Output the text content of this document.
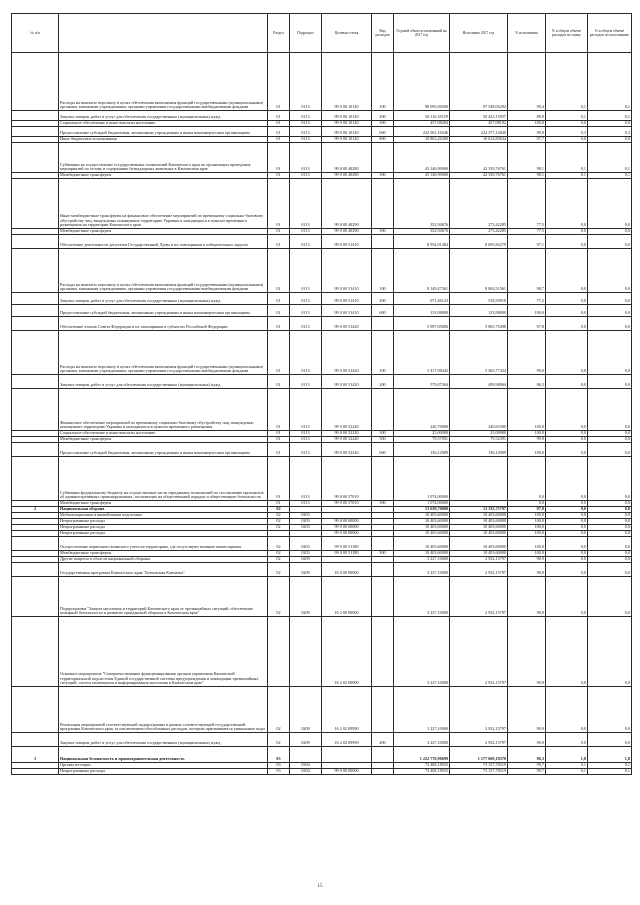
№ п/п		Раздел	Подраздел	Целевая статья	Вид расходов	Годовой объем ассигнований на 2017 год	Исполнено 2017 год	% исполнения	% в общем объеме расходов по плану	% в общем объеме расходов по исполнению
	Расходы на выплаты персоналу в целях обеспечения выполнения функций государственными (муниципальными) органами, казенными учреждениями, органами управления государственными внебюджетными фондами	01	0113	99 0 00 10140	100	98 095,06500	97 548,05292	99,4	0,1	0,1
	Закупка товаров, работ и услуг для обеспечения государственных (муниципальных) нужд	01	0113	99 0 00 10140	200	56 116,35159	50 423,15957	89,9	0,1	0,1
	Социальное обеспечение и иные выплаты населению	01	0113	99 0 00 10140	300	457,08284	457,08192	100,0	0,0	0,0
	Предоставление субсидий бюджетным, автономным учреждениям и иным некоммерческим организациям	01	0113	99 0 00 10140	600	222 561,16546	222 377,14040	99,9	0,3	0,3
	Иные бюджетные ассигнования	01	0113	99 0 00 10140	800	10 863,26300	10 614,83634	97,7	0,0	0,0
	Субвенции на осуществление государственных полномочий Камчатского края по организации проведения мероприятий по отлову и содержанию безнадзорных животных в Камчатском крае	01	0113	99 0 00 40280		43 146,99000	42 339,76761	98,1	0,1	0,1
	Межбюджетные трансферты	01	0113	99 0 00 40280	500	43 146,99000	42 339,76761	98,1	0,1	0,1
	Иные межбюджетные трансферты на финансовое обеспечение мероприятий по временному социально-бытовому обустройству лиц, вынужденно покинувших территорию Украины и находящихся в пунктах временного размещения на территории Камчатского края	01	0113	99 0 00 40290		352,94676	273,42285	77,5	0,0	0,0
	Межбюджетные трансферты	01	0113	99 0 00 40290	500	352,94676	273,42285	77,5	0,0	0,0
	Обеспечение деятельности депутатов Государственной Думы и их помощников в избирательных округах	01	0113	99 0 00 51410		8 954,91484	8 695,82279	97,1	0,0	0,0
	Расходы на выплаты персоналу в целях обеспечения выполнения функций государственными (муниципальными) органами, казенными учреждениями, органами управления государственными внебюджетными фондами	01	0113	99 0 00 51410	100	8 149,47361	8 063,51361	98,7	0,0	0,0
	Закупка товаров, работ и услуг для обеспечения государственных (муниципальных) нужд	01	0113	99 0 00 51410	200	671,46123	518,50918	77,2	0,0	0,0
	Предоставление субсидий бюджетным, автономным учреждениям и иным некоммерческим организациям	01	0113	99 0 00 51410	600	133,98000	133,98000	100,0	0,0	0,0
	Обеспечение членов Совета Федерации и их помощников в субъектах Российской Федерации	01	0113	99 0 00 51420		5 997,05806	5 865,75498	97,8	0,0	0,0
	Расходы на выплаты персоналу в целях обеспечения выполнения функций государственными (муниципальными) органами, казенными учреждениями, органами управления государственными внебюджетными фондами	01	0113	99 0 00 51420	100	5 417,98442	5 365,77434	99,0	0,0	0,0
	Закупка товаров, работ и услуг для обеспечения государственных (муниципальных) нужд	01	0113	99 0 00 51420	200	579,07364	499,98064	86,3	0,0	0,0
	Финансовое обеспечение мероприятий по временному социально-бытовому обустройству лиц, вынужденно покинувших территорию Украины и находящихся в пунктах временного размещения	01	0113	99 0 00 52240		240,70000	240,65300	100,0	0,0	0,0
	Социальное обеспечение и иные выплаты населению	01	0113	99 0 00 52240	300	25,00000	25,00000	100,0	0,0	0,0
	Межбюджетные трансферты	01	0113	99 0 00 52240	500	79,57091	79,52391	99,9	0,0	0,0
	Предоставление субсидий бюджетным, автономным учреждениям и иным некоммерческим организациям	01	0113	99 0 00 52240	600	136,12909	136,12909	100,0	0,0	0,0
	Субвенции федеральному бюджету на осуществление части переданных полномочий по составлению протоколов об административных правонарушениях, посягающих на общественный порядок и общественную безопасность	01	0113	99 0 00 57010		1 074,00000		0,0	0,0	0,0
	Межбюджетные трансферты	01	0113	99 0 00 57010	500	1 074,00000		0,0	0,0	0,0
2	Национальная оборона	02				13 630,70000	13 335,75797	97,8	0,0	0,0
	Мобилизационная и вневойсковая подготовка	02	0203			10 403,60000	10 403,60000	100,0	0,0	0,0
	Непрограммные расходы	02	0203	99 0 00 00000		10 403,60000	10 403,60000	100,0	0,0	0,0
	Непрограммные расходы	02	0203	99 0 00 00000		10 403,60000	10 403,60000	100,0	0,0	0,0
	Непрограммные расходы			99 0 00 00000		10 403,60000	10 403,60000	100,0	0,0	0,0
	Осуществление первичного воинского учета на территориях, где отсутствуют военные комиссариаты	02	0203	99 0 00 51180		10 403,60000	10 403,60000	100,0	0,0	0,0
	Межбюджетные трансферты	02	0203	99 0 00 51180	500	10 403,60000	10 403,60000	100,0	0,0	0,0
	Другие вопросы в области национальной обороны	02	0209			3 227,10000	2 932,15797	90,9	0,0	0,0
	Государственная программа Камчатского края "Безопасная Камчатка"	02	0209	16 0 00 00000		3 227,10000	2 932,15797	90,9	0,0	0,0
	Подпрограмма "Защита населения и территорий Камчатского края от чрезвычайных ситуаций, обеспечение пожарной безопасности и развитие гражданской обороны в Камчатском крае"	02	0209	16 2 00 00000		3 227,10000	2 932,15797	90,9	0,0	0,0
	Основное мероприятие "Совершенствование функционирования органов управления Камчатской территориальной подсистемы Единой государственной системы предупреждения и ликвидации чрезвычайных ситуаций, систем оповещения и информирования населения в Камчатском крае"			16 2 02 00000		3 227,10000	2 932,15797	90,9	0,0	0,0
	Реализация мероприятий соответствующей подпрограммы в рамках соответствующей государственной программы Камчатского края, за исключением обособленных расходов, которым присваиваются уникальные коды	02	0209	16 2 02 09990		3 227,10000	2 932,15797	90,9	0,0	0,0
	Закупка товаров, работ и услуг для обеспечения государственных (муниципальных) нужд	02	0209	16 2 02 09990	200	3 227,10000	2 932,15797	90,9	0,0	0,0
3	Национальная безопасность и правоохранительная деятельность	03				1 222 770,90699	1 177 669,18370	96,3	1,8	1,8
	Органы юстиции	03	0304			73 408,18935	73 157,78319	99,7	0,1	0,1
	Непрограммные расходы	03	0304	99 0 00 00000		73 408,18935	73 157,78319	99,7	0,1	0,1
15
